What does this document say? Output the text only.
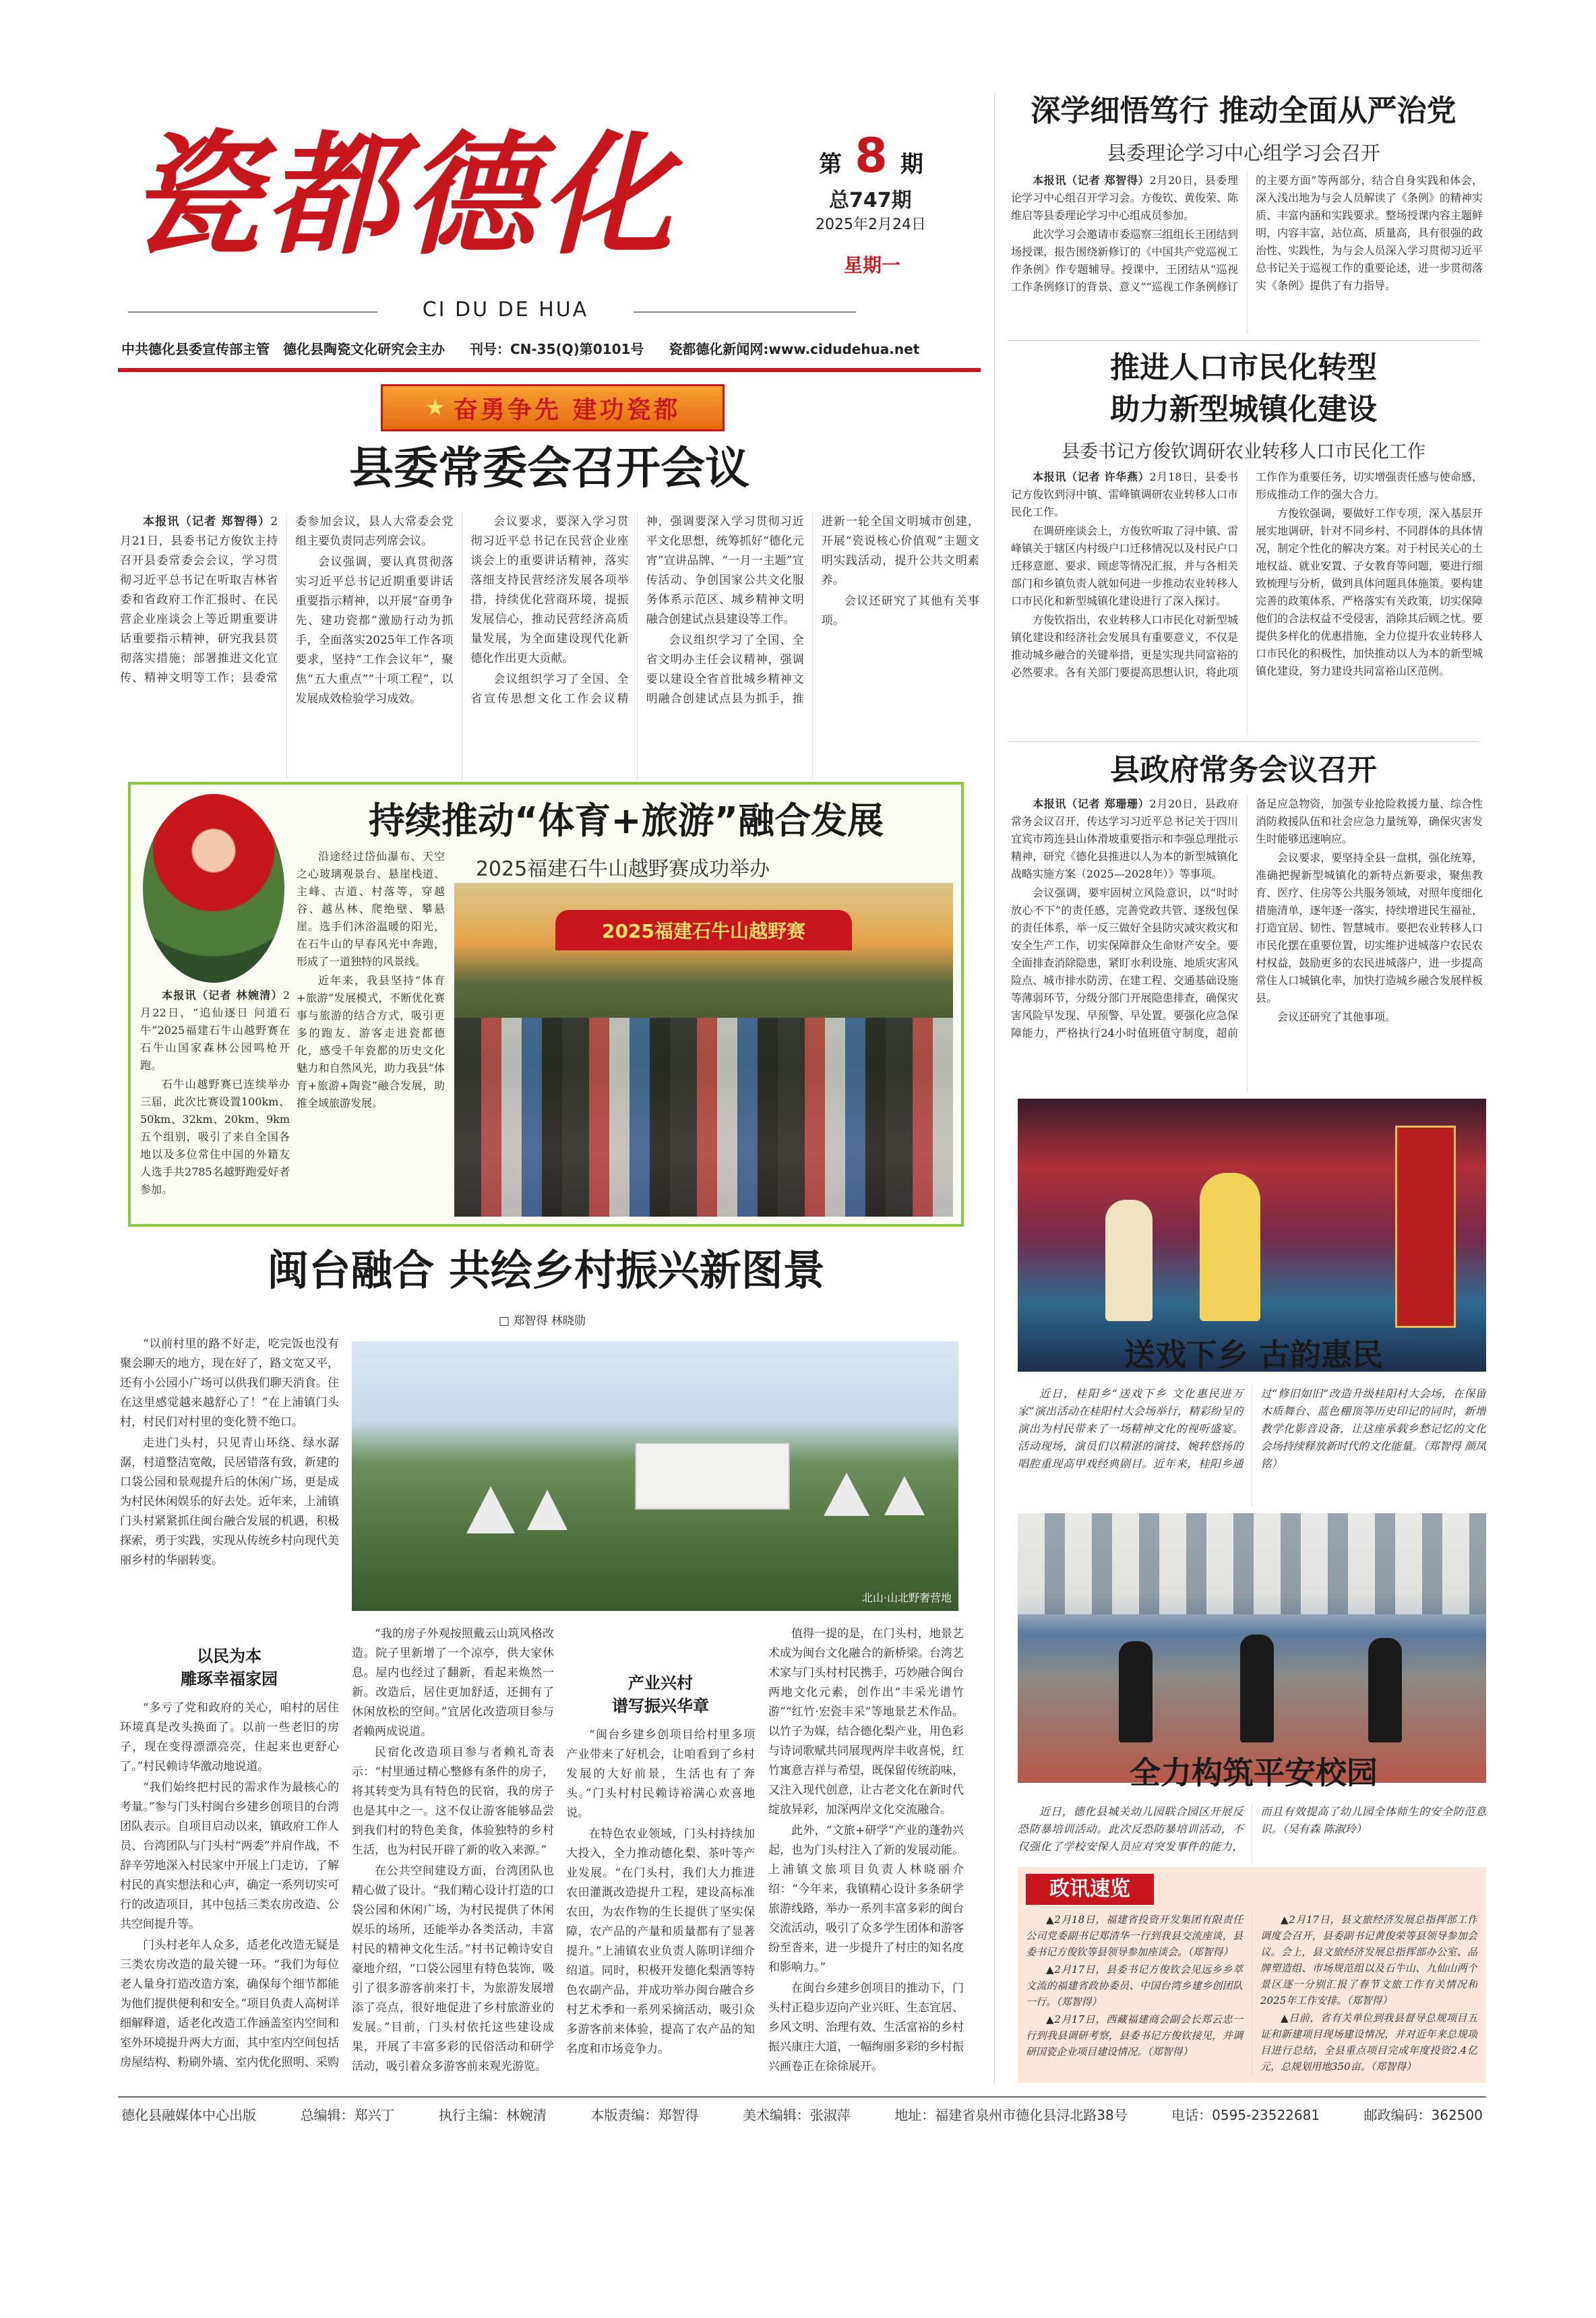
瓷都德化
CI DU DE HUA
第 8 期
总747期
2025年2月24日
星期一
中共德化县委宣传部主管　德化县陶瓷文化研究会主办 刊号：CN-35(Q)第0101号 瓷都德化新闻网:www.cidudehua.net
★ 奋勇争先 建功瓷都
县委常委会召开会议

本报讯（记者 郑智得）2月21日，县委书记方俊钦主持召开县委常委会会议，学习贯彻习近平总书记在听取吉林省委和省政府工作汇报时、在民营企业座谈会上等近期重要讲话重要指示精神，研究我县贯彻落实措施；部署推进文化宣传、精神文明等工作；县委常委参加会议，县人大常委会党组主要负责同志列席会议。

会议强调，要认真贯彻落实习近平总书记近期重要讲话重要指示精神，以开展“奋勇争先、建功瓷都”激励行动为抓手，全面落实2025年工作各项要求，坚持“工作会议年”，聚焦“五大重点”“十项工程”，以发展成效检验学习成效。

会议要求，要深入学习贯彻习近平总书记在民营企业座谈会上的重要讲话精神，落实落细支持民营经济发展各项举措，持续优化营商环境，提振发展信心，推动民营经济高质量发展，为全面建设现代化新德化作出更大贡献。

会议组织学习了全国、全省宣传思想文化工作会议精神，强调要深入学习贯彻习近平文化思想，统筹抓好“德化元宵”宣讲品牌、“一月一主题”宣传活动、争创国家公共文化服务体系示范区、城乡精神文明融合创建试点县建设等工作。

会议组织学习了全国、全省文明办主任会议精神，强调要以建设全省首批城乡精神文明融合创建试点县为抓手，推进新一轮全国文明城市创建，开展“瓷说核心价值观”主题文明实践活动，提升公共文明素养。

会议还研究了其他有关事项。

持续推动“体育+旅游”融合发展
2025福建石牛山越野赛成功举办

本报讯（记者 林婉清）2月22日，“追仙逐日 问道石牛”2025福建石牛山越野赛在石牛山国家森林公园鸣枪开跑。

石牛山越野赛已连续举办三届，此次比赛设置100km、50km、32km、20km、9km五个组别，吸引了来自全国各地以及多位常住中国的外籍友人选手共2785名越野跑爱好者参加。

沿途经过岱仙瀑布、天空之心玻璃观景台、悬崖栈道、主峰、古道、村落等，穿越谷、越丛林、爬绝壁、攀悬崖。选手们沐浴温暖的阳光，在石牛山的早春风光中奔跑，形成了一道独特的风景线。

近年来，我县坚持“体育+旅游”发展模式，不断优化赛事与旅游的结合方式，吸引更多的跑友、游客走进瓷都德化，感受千年瓷都的历史文化魅力和自然风光，助力我县“体育+旅游+陶瓷”融合发展，助推全域旅游发展。

2025福建石牛山越野赛
闽台融合 共绘乡村振兴新图景
□ 郑智得 林晓勋

“以前村里的路不好走，吃完饭也没有聚会聊天的地方，现在好了，路文宽又平，还有小公园小广场可以供我们聊天消食。住在这里感觉越来越舒心了！”在上浦镇门头村，村民们对村里的变化赞不绝口。

走进门头村，只见青山环绕、绿水潺潺，村道整洁宽敞，民居错落有致，新建的口袋公园和景观提升后的休闲广场，更是成为村民休闲娱乐的好去处。近年来，上浦镇门头村紧紧抓住闽台融合发展的机遇，积极探索，勇于实践，实现从传统乡村向现代美丽乡村的华丽转变。

北山·山北野奢营地
以民为本
雕琢幸福家园

“多亏了党和政府的关心，咱村的居住环境真是改头换面了。以前一些老旧的房子，现在变得漂漂亮亮，住起来也更舒心了。”村民赖诗华激动地说道。

“我们始终把村民的需求作为最核心的考量。”参与门头村闽台乡建乡创项目的台湾团队表示。自项目启动以来，镇政府工作人员、台湾团队与门头村“两委”并肩作战，不辞辛劳地深入村民家中开展上门走访，了解村民的真实想法和心声，确定一系列切实可行的改造项目，其中包括三类农房改造、公共空间提升等。

门头村老年人众多，适老化改造无疑是三类农房改造的最关键一环。“我们为每位老人量身打造改造方案，确保每个细节都能为他们提供便利和安全。”项目负责人高树详细解释道，适老化改造工作涵盖室内空间和室外环境提升两大方面，其中室内空间包括房屋结构、粉刷外墙、室内优化照明、采购

“我的房子外观按照戴云山筑风格改造。院子里新增了一个凉亭，供大家休息。屋内也经过了翻新，看起来焕然一新。改造后，居住更加舒适，还拥有了休闲放松的空间。”宜居化改造项目参与者赖两成说道。

民宿化改造项目参与者赖礼奇表示：“村里通过精心整修有条件的房子，将其转变为具有特色的民宿，我的房子也是其中之一。这不仅让游客能够品尝到我们村的特色美食，体验独特的乡村生活，也为村民开辟了新的收入来源。”

在公共空间建设方面，台湾团队也精心做了设计。“我们精心设计打造的口袋公园和休闲广场，为村民提供了休闲娱乐的场所，还能举办各类活动，丰富村民的精神文化生活。”村书记赖诗安自豪地介绍，“口袋公园里有特色装饰，吸引了很多游客前来打卡，为旅游发展增添了亮点，很好地促进了乡村旅游业的发展。”目前，门头村依托这些建设成果，开展了丰富多彩的民俗活动和研学活动，吸引着众多游客前来观光游览。

产业兴村
谱写振兴华章

“闽台乡建乡创项目给村里多项产业带来了好机会，让咱看到了乡村发展的大好前景，生活也有了奔头。”门头村村民赖诗裕满心欢喜地说。

在特色农业领域，门头村持续加大投入，全力推动德化梨、茶叶等产业发展。“在门头村，我们大力推进农田灌溉改造提升工程，建设高标准农田，为农作物的生长提供了坚实保障，农产品的产量和质量都有了显著提升。”上浦镇农业负责人陈明详细介绍道。同时，积极开发德化梨酒等特色农副产品，并成功举办闽台融合乡村艺术季和一系列采摘活动，吸引众多游客前来体验，提高了农产品的知名度和市场竞争力。

值得一提的是，在门头村，地景艺术成为闽台文化融合的新桥梁。台湾艺术家与门头村村民携手，巧妙融合闽台两地文化元素，创作出“丰采光谱竹游”“红竹·宏瓷丰采”等地景艺术作品。以竹子为媒，结合德化梨产业，用色彩与诗词歌赋共同展现两岸丰收喜悦，红竹寓意吉祥与希望，既保留传统韵味，又注入现代创意，让古老文化在新时代绽放异彩，加深两岸文化交流融合。

此外，“文旅+研学”产业的蓬勃兴起，也为门头村注入了新的发展动能。上浦镇文旅项目负责人林晓丽介绍：“今年来，我镇精心设计多条研学旅游线路，举办一系列丰富多彩的闽台交流活动，吸引了众多学生团体和游客纷至沓来，进一步提升了村庄的知名度和影响力。”

在闽台乡建乡创项目的推动下，门头村正稳步迈向产业兴旺、生态宜居、乡风文明、治理有效、生活富裕的乡村振兴康庄大道，一幅绚丽多彩的乡村振兴画卷正在徐徐展开。

深学细悟笃行 推动全面从严治党
县委理论学习中心组学习会召开

本报讯（记者 郑智得）2月20日，县委理论学习中心组召开学习会。方俊钦、黄俊荣、陈维启等县委理论学习中心组成员参加。

此次学习会邀请市委巡察三组组长王团结到场授课，报告围绕新修订的《中国共产党巡视工作条例》作专题辅导。授课中，王团结从“巡视工作条例修订的背景、意义”“巡视工作条例修订的主要方面”等两部分，结合自身实践和体会，深入浅出地为与会人员解读了《条例》的精神实质、丰富内涵和实践要求。整场授课内容主题鲜明，内容丰富，站位高，质量高，具有很强的政治性、实践性，为与会人员深入学习贯彻习近平总书记关于巡视工作的重要论述，进一步贯彻落实《条例》提供了有力指导。

推进人口市民化转型
助力新型城镇化建设
县委书记方俊钦调研农业转移人口市民化工作

本报讯（记者 许华燕）2月18日，县委书记方俊钦到浔中镇、雷峰镇调研农业转移人口市民化工作。

在调研座谈会上，方俊钦听取了浔中镇、雷峰镇关于辖区内村级户口迁移情况以及村民户口迁移意愿、要求、顾虑等情况汇报，并与各相关部门和乡镇负责人就如何进一步推动农业转移人口市民化和新型城镇化建设进行了深入探讨。

方俊钦指出，农业转移人口市民化对新型城镇化建设和经济社会发展具有重要意义，不仅是推动城乡融合的关键举措，更是实现共同富裕的必然要求。各有关部门要提高思想认识，将此项工作作为重要任务，切实增强责任感与使命感，形成推动工作的强大合力。

方俊钦强调，要做好工作专项，深入基层开展实地调研，针对不同乡村、不同群体的具体情况，制定个性化的解决方案。对于村民关心的土地权益、就业安置、子女教育等问题，要进行细致梳理与分析，做到具体问题具体施策。要构建完善的政策体系，严格落实有关政策，切实保障他们的合法权益不受侵害，消除其后顾之忧。要提供多样化的优惠措施，全力位提升农业转移人口市民化的积极性，加快推动以人为本的新型城镇化建设，努力建设共同富裕山区范例。

县政府常务会议召开

本报讯（记者 郑珊珊）2月20日，县政府常务会议召开，传达学习习近平总书记关于四川宜宾市筠连县山体滑坡重要指示和李强总理批示精神，研究《德化县推进以人为本的新型城镇化战略实施方案（2025—2028年）》等事项。

会议强调，要牢固树立风险意识，以“时时放心不下”的责任感，完善党政共管、逐级包保的责任体系，举一反三做好全县防灾减灾救灾和安全生产工作，切实保障群众生命财产安全。要全面排查消除隐患，紧盯水利设施、地质灾害风险点、城市排水防涝、在建工程、交通基础设施等薄弱环节，分级分部门开展隐患排查，确保灾害风险早发现、早预警、早处置。要强化应急保障能力，严格执行24小时值班值守制度，超前备足应急物资，加强专业抢险救援力量、综合性消防救援队伍和社会应急力量统筹，确保灾害发生时能够迅速响应。

会议要求，要坚持全县一盘棋，强化统筹，准确把握新型城镇化的新特点新要求，聚焦教育、医疗、住房等公共服务领域，对照年度细化措施清单，逐年逐一落实，持续增进民生福祉，打造宜居、韧性、智慧城市。要把农业转移人口市民化摆在重要位置，切实维护进城落户农民农村权益，鼓励更多的农民进城落户，进一步提高常住人口城镇化率，加快打造城乡融合发展样板县。

会议还研究了其他事项。

送戏下乡 古韵惠民

近日，桂阳乡“送戏下乡 文化惠民进万家”演出活动在桂阳村大会场举行，精彩纷呈的演出为村民带来了一场精神文化的视听盛宴。活动现场，演员们以精湛的演技、婉转悠扬的唱腔重现高甲戏经典剧目。近年来，桂阳乡通过“修旧如旧”改造升级桂阳村大会场，在保留木质舞台、蓝色棚顶等历史印记的同时，新增教学化影音设备，让这座承载乡愁记忆的文化会场持续释放新时代的文化能量。（郑智得 颜凤铭）

全力构筑平安校园

近日，德化县城关幼儿园联合园区开展反恐防暴培训活动。此次反恐防暴培训活动，不仅强化了学校安保人员应对突发事件的能力，而且有效提高了幼儿园全体师生的安全防范意识。（吴有森 陈淑玲）

政讯速览

▲2月18日，福建省投资开发集团有限责任公司党委副书记郑清华一行到我县交流座谈，县委书记方俊钦等县领导参加座谈会。（郑智得）

▲2月17日，县委书记方俊钦会见远乡乡萃文流的福建省政协委员、中国台湾乡建乡创团队一行。（郑智得）

▲2月17日，西藏福建商会副会长郑云忠一行到我县调研考察，县委书记方俊钦接见，并调研国瓷企业项目建设情况。（郑智得）

▲2月17日，县文旅经济发展总指挥部工作调度会召开，县委副书记黄俊荣等县领导参加会议。会上，县文旅经济发展总指挥部办公室、品牌塑造组、市场规范组以及石牛山、九仙山两个景区逐一分别汇报了春节文旅工作有关情况和2025年工作安排。（郑智得）

▲日前，省有关单位到我县督导总规项目五证和新建项目现场建设情况，并对近年来总规项目进行总结，全县重点项目完成年度投资2.4亿元，总规划用地350亩。（郑智得）

德化县融媒体中心出版	总编辑：郑兴丁	执行主编：林婉清	本版责编：郑智得	美术编辑：张淑萍	地址：福建省泉州市德化县浔北路38号	电话：0595-23522681	邮政编码：362500
